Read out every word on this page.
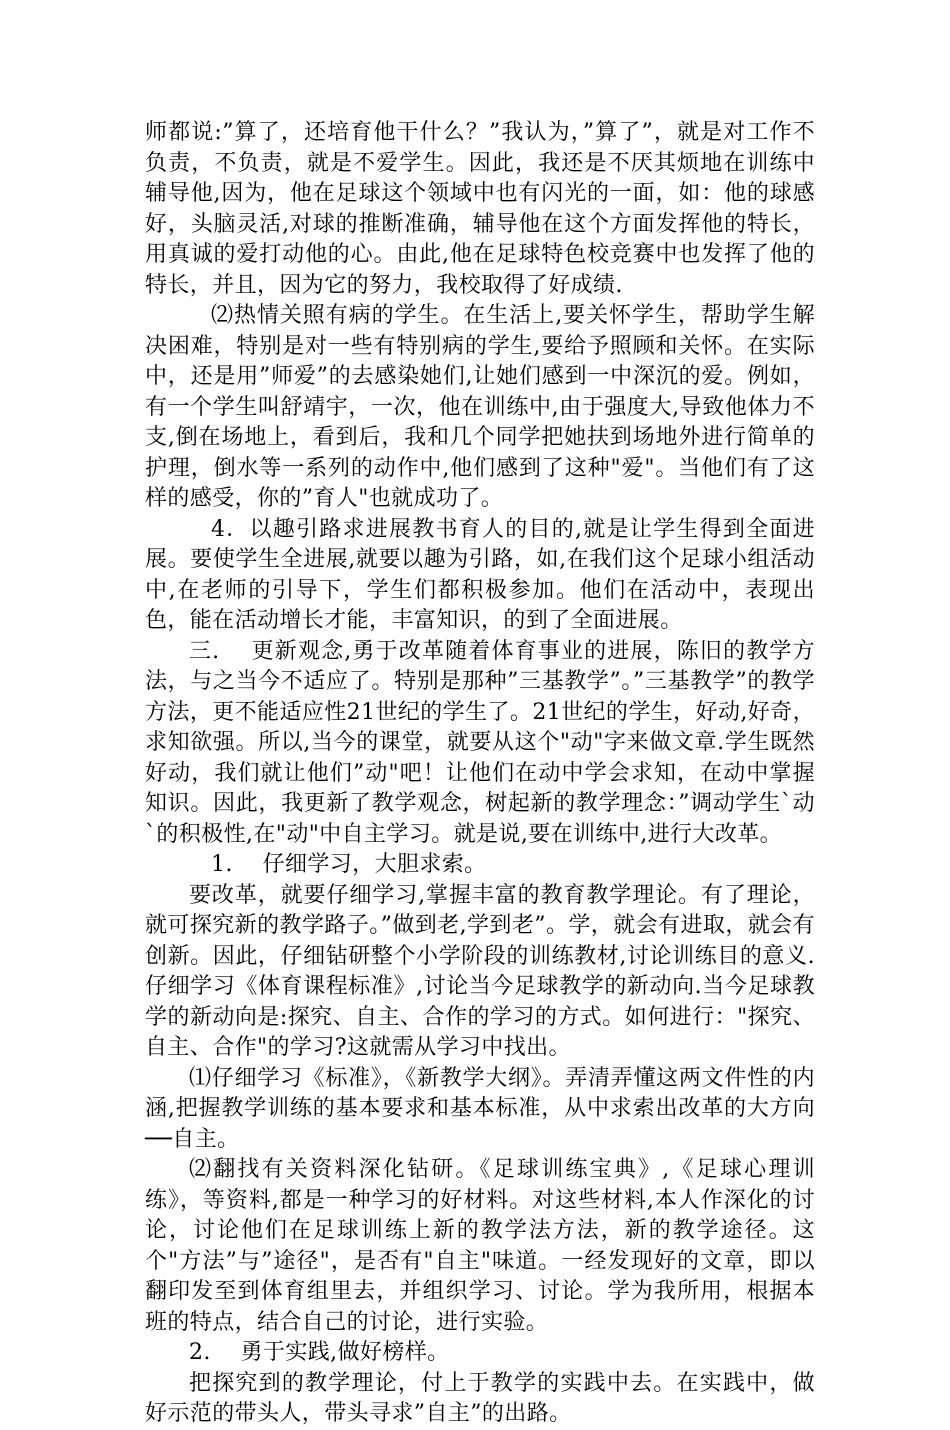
师都说:”算了，还培育他干什么？”我认为，”算了”，就是对工作不负责，不负责，就是不爱学生。因此，我还是不厌其烦地在训练中辅导他,因为，他在足球这个领域中也有闪光的一面，如：他的球感好，头脑灵活,对球的推断准确，辅导他在这个方面发挥他的特长，用真诚的爱打动他的心。由此,他在足球特色校竞赛中也发挥了他的特长，并且，因为它的努力，我校取得了好成绩.

⑵热情关照有病的学生。在生活上,要关怀学生，帮助学生解决困难，特别是对一些有特别病的学生,要给予照顾和关怀。在实际中，还是用”师爱”的去感染她们,让她们感到一中深沉的爱。例如，有一个学生叫舒靖宇，一次，他在训练中,由于强度大,导致他体力不支,倒在场地上，看到后，我和几个同学把她扶到场地外进行简单的护理，倒水等一系列的动作中,他们感到了这种"爱"。当他们有了这样的感受，你的”育人"也就成功了。

4．以趣引路求进展教书育人的目的,就是让学生得到全面进展。要使学生全进展,就要以趣为引路，如,在我们这个足球小组活动中,在老师的引导下，学生们都积极参加。他们在活动中，表现出色，能在活动增长才能，丰富知识，的到了全面进展。

三.　 更新观念,勇于改革随着体育事业的进展，陈旧的教学方法，与之当今不适应了。特别是那种”三基教学”。”三基教学”的教学方法，更不能适应性21世纪的学生了。21世纪的学生，好动,好奇，求知欲强。所以,当今的课堂，就要从这个"动"字来做文章.学生既然好动，我们就让他们”动"吧！让他们在动中学会求知，在动中掌握知识。因此，我更新了教学观念，树起新的教学理念：”调动学生`动`的积极性,在"动"中自主学习。就是说,要在训练中,进行大改革。

1.　 仔细学习，大胆求索。

要改革，就要仔细学习,掌握丰富的教育教学理论。有了理论，就可探究新的教学路子。”做到老,学到老”。学，就会有进取，就会有创新。因此，仔细钻研整个小学阶段的训练教材,讨论训练目的意义.仔细学习《体育课程标准》,讨论当今足球教学的新动向.当今足球教学的新动向是:探究、自主、合作的学习的方式。如何进行："探究、自主、合作"的学习?这就需从学习中找出。

⑴仔细学习《标准》，《新教学大纲》。弄清弄懂这两文件性的内涵,把握教学训练的基本要求和基本标准，从中求索出改革的大方向──自主。

⑵翻找有关资料深化钻研。《足球训练宝典》,《足球心理训练》，等资料,都是一种学习的好材料。对这些材料,本人作深化的讨论，讨论他们在足球训练上新的教学法方法，新的教学途径。这个"方法”与”途径"，是否有"自主"味道。一经发现好的文章，即以翻印发至到体育组里去，并组织学习、讨论。学为我所用，根据本班的特点，结合自己的讨论，进行实验。

2.　 勇于实践,做好榜样。

把探究到的教学理论，付上于教学的实践中去。在实践中，做好示范的带头人，带头寻求”自主”的出路。
